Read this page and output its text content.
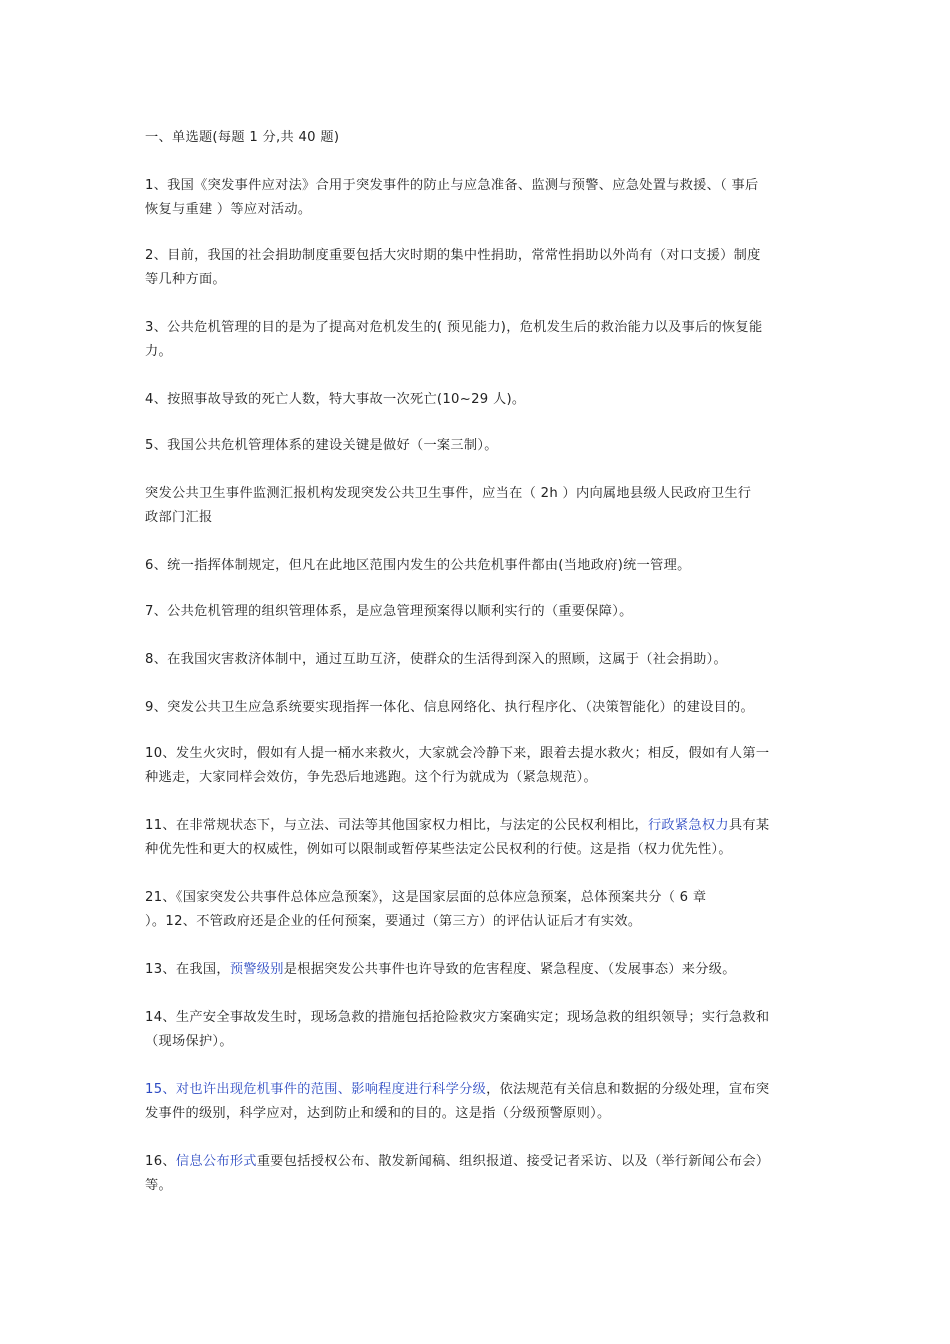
一、单选题(每题 1 分,共 40 题)
1、我国《突发事件应对法》合用于突发事件的防止与应急准备、监测与预警、应急处置与救援、（ 事后
恢复与重建 ）等应对活动。
2、目前，我国的社会捐助制度重要包括大灾时期的集中性捐助，常常性捐助以外尚有（对口支援）制度
等几种方面。
3、公共危机管理的目的是为了提高对危机发生的( 预见能力)，危机发生后的救治能力以及事后的恢复能
力。
4、按照事故导致的死亡人数，特大事故一次死亡(10~29 人)。
5、我国公共危机管理体系的建设关键是做好（一案三制）。
突发公共卫生事件监测汇报机构发现突发公共卫生事件，应当在（ 2h ）内向属地县级人民政府卫生行
政部门汇报
6、统一指挥体制规定，但凡在此地区范围内发生的公共危机事件都由(当地政府)统一管理。
7、公共危机管理的组织管理体系，是应急管理预案得以顺利实行的（重要保障）。
8、在我国灾害救济体制中，通过互助互济，使群众的生活得到深入的照顾，这属于（社会捐助）。
9、突发公共卫生应急系统要实现指挥一体化、信息网络化、执行程序化、（决策智能化）的建设目的。
10、发生火灾时，假如有人提一桶水来救火，大家就会冷静下来，跟着去提水救火；相反，假如有人第一
种逃走，大家同样会效仿，争先恐后地逃跑。这个行为就成为（紧急规范）。
11、在非常规状态下，与立法、司法等其他国家权力相比，与法定的公民权利相比，行政紧急权力具有某
种优先性和更大的权威性，例如可以限制或暂停某些法定公民权利的行使。这是指（权力优先性）。
21、《国家突发公共事件总体应急预案》，这是国家层面的总体应急预案，总体预案共分（ 6 章
）。12、不管政府还是企业的任何预案，要通过（第三方）的评估认证后才有实效。
13、在我国，预警级别是根据突发公共事件也许导致的危害程度、紧急程度、（发展事态）来分级。
14、生产安全事故发生时，现场急救的措施包括抢险救灾方案确实定；现场急救的组织领导；实行急救和
（现场保护）。
15、对也许出现危机事件的范围、影响程度进行科学分级，依法规范有关信息和数据的分级处理，宣布突
发事件的级别，科学应对，达到防止和缓和的目的。这是指（分级预警原则）。
16、信息公布形式重要包括授权公布、散发新闻稿、组织报道、接受记者采访、以及（举行新闻公布会）
等。
